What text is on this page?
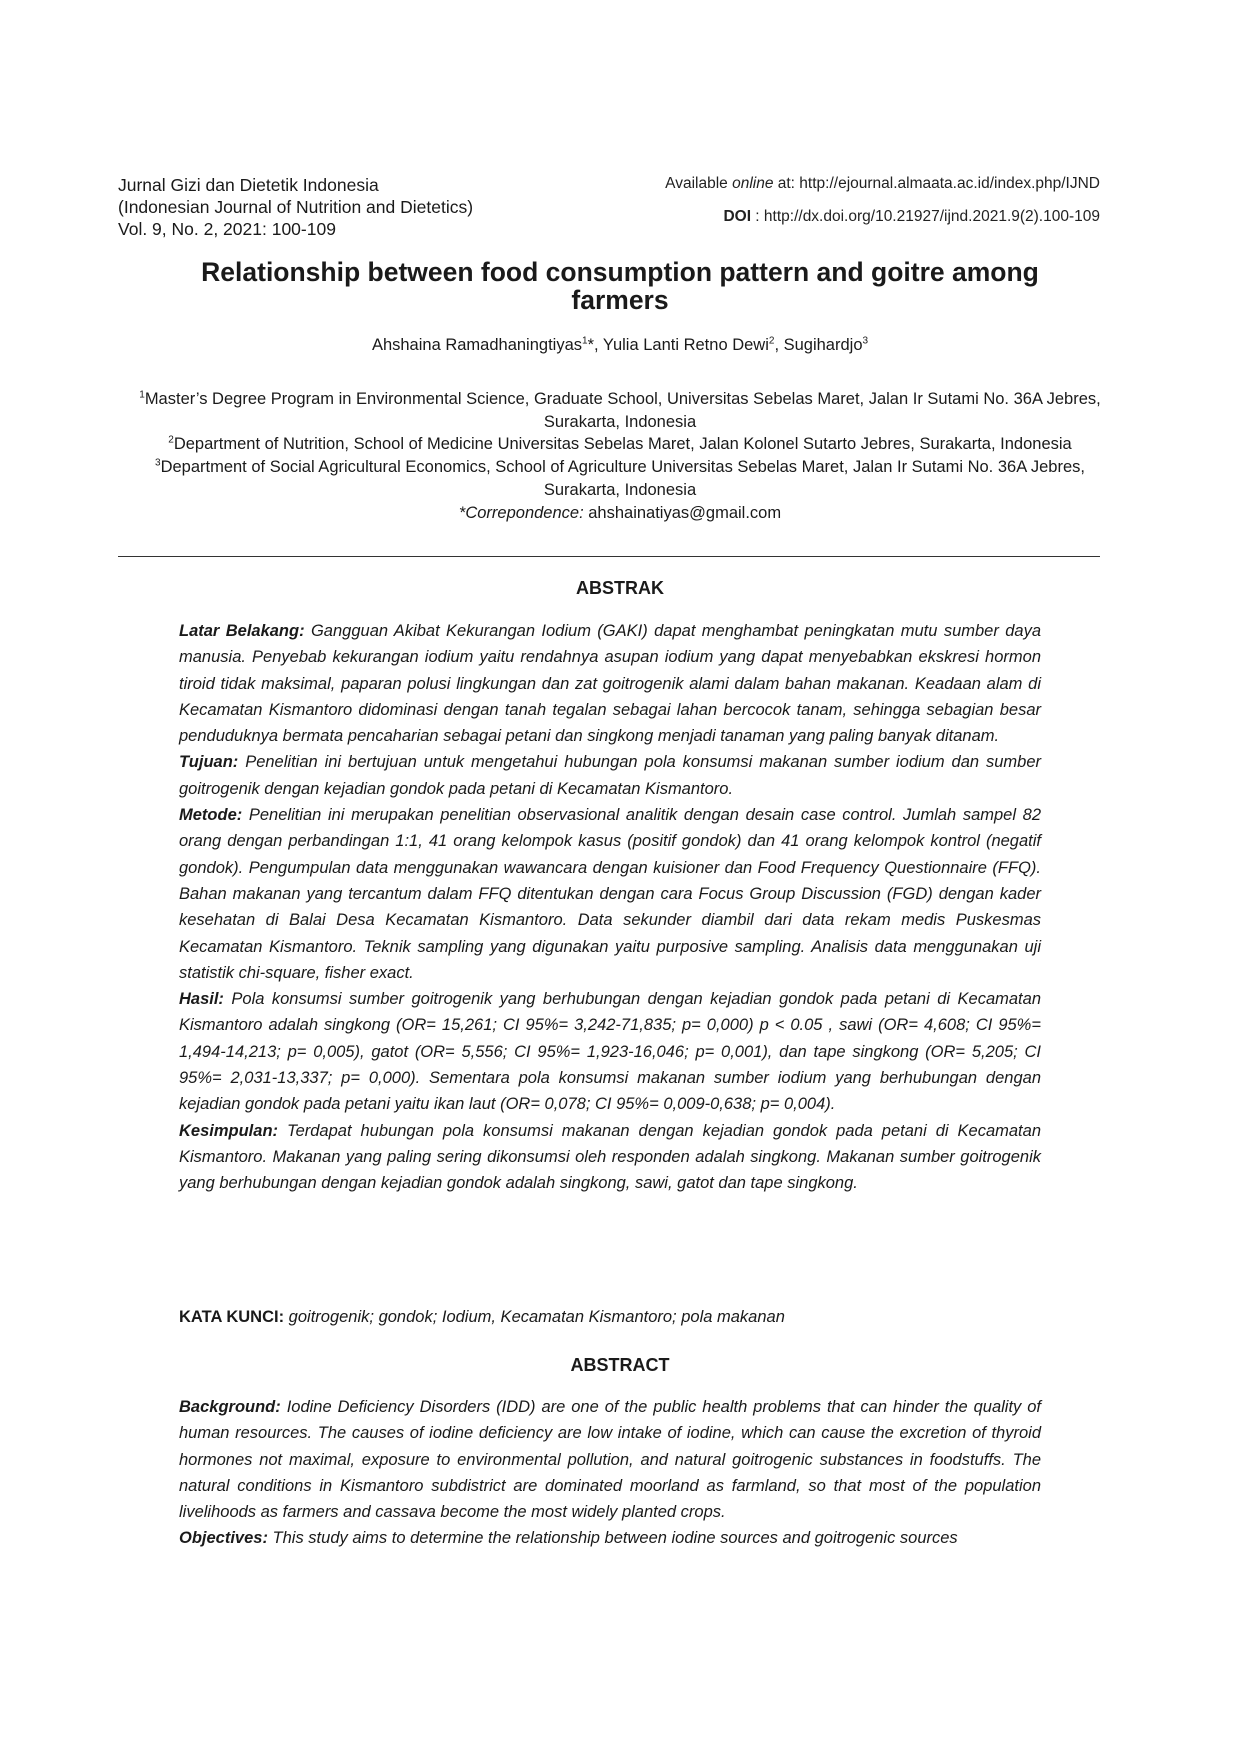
Jurnal Gizi dan Dietetik Indonesia
(Indonesian Journal of Nutrition and Dietetics)
Vol. 9, No. 2, 2021: 100-109
Available online at: http://ejournal.almaata.ac.id/index.php/IJND
DOI : http://dx.doi.org/10.21927/ijnd.2021.9(2).100-109
Relationship between food consumption pattern and goitre among farmers
Ahshaina Ramadhaningtiyas$^1$*, Yulia Lanti Retno Dewi$^2$, Sugihardjo$^3$
$^1$Master’s Degree Program in Environmental Science, Graduate School, Universitas Sebelas Maret, Jalan Ir Sutami No. 36A Jebres, Surakarta, Indonesia
$^2$Department of Nutrition, School of Medicine Universitas Sebelas Maret, Jalan Kolonel Sutarto Jebres, Surakarta, Indonesia
$^3$Department of Social Agricultural Economics, School of Agriculture Universitas Sebelas Maret, Jalan Ir Sutami No. 36A Jebres, Surakarta, Indonesia
*Correpondence: ahshainatiyas@gmail.com
ABSTRAK

Latar Belakang: Gangguan Akibat Kekurangan Iodium (GAKI) dapat menghambat peningkatan mutu sumber daya manusia. Penyebab kekurangan iodium yaitu rendahnya asupan iodium yang dapat menyebabkan ekskresi hormon tiroid tidak maksimal, paparan polusi lingkungan dan zat goitrogenik alami dalam bahan makanan. Keadaan alam di Kecamatan Kismantoro didominasi dengan tanah tegalan sebagai lahan bercocok tanam, sehingga sebagian besar penduduknya bermata pencaharian sebagai petani dan singkong menjadi tanaman yang paling banyak ditanam.

Tujuan: Penelitian ini bertujuan untuk mengetahui hubungan pola konsumsi makanan sumber iodium dan sumber goitrogenik dengan kejadian gondok pada petani di Kecamatan Kismantoro.

Metode: Penelitian ini merupakan penelitian observasional analitik dengan desain case control. Jumlah sampel 82 orang dengan perbandingan 1:1, 41 orang kelompok kasus (positif gondok) dan 41 orang kelompok kontrol (negatif gondok). Pengumpulan data menggunakan wawancara dengan kuisioner dan Food Frequency Questionnaire (FFQ). Bahan makanan yang tercantum dalam FFQ ditentukan dengan cara Focus Group Discussion (FGD) dengan kader kesehatan di Balai Desa Kecamatan Kismantoro. Data sekunder diambil dari data rekam medis Puskesmas Kecamatan Kismantoro. Teknik sampling yang digunakan yaitu purposive sampling. Analisis data menggunakan uji statistik chi-square, fisher exact.

Hasil: Pola konsumsi sumber goitrogenik yang berhubungan dengan kejadian gondok pada petani di Kecamatan Kismantoro adalah singkong (OR= 15,261; CI 95%= 3,242-71,835; p= 0,000) p < 0.05 , sawi (OR= 4,608; CI 95%= 1,494-14,213; p= 0,005), gatot (OR= 5,556; CI 95%= 1,923-16,046; p= 0,001), dan tape singkong (OR= 5,205; CI 95%= 2,031-13,337; p= 0,000). Sementara pola konsumsi makanan sumber iodium yang berhubungan dengan kejadian gondok pada petani yaitu ikan laut (OR= 0,078; CI 95%= 0,009-0,638; p= 0,004).

Kesimpulan: Terdapat hubungan pola konsumsi makanan dengan kejadian gondok pada petani di Kecamatan Kismantoro. Makanan yang paling sering dikonsumsi oleh responden adalah singkong. Makanan sumber goitrogenik yang berhubungan dengan kejadian gondok adalah singkong, sawi, gatot dan tape singkong.

KATA KUNCI: goitrogenik; gondok; Iodium, Kecamatan Kismantoro; pola makanan
ABSTRACT

Background: Iodine Deficiency Disorders (IDD) are one of the public health problems that can hinder the quality of human resources. The causes of iodine deficiency are low intake of iodine, which can cause the excretion of thyroid hormones not maximal, exposure to environmental pollution, and natural goitrogenic substances in foodstuffs. The natural conditions in Kismantoro subdistrict are dominated moorland as farmland, so that most of the population livelihoods as farmers and cassava become the most widely planted crops.

Objectives: This study aims to determine the relationship between iodine sources and goitrogenic sources
